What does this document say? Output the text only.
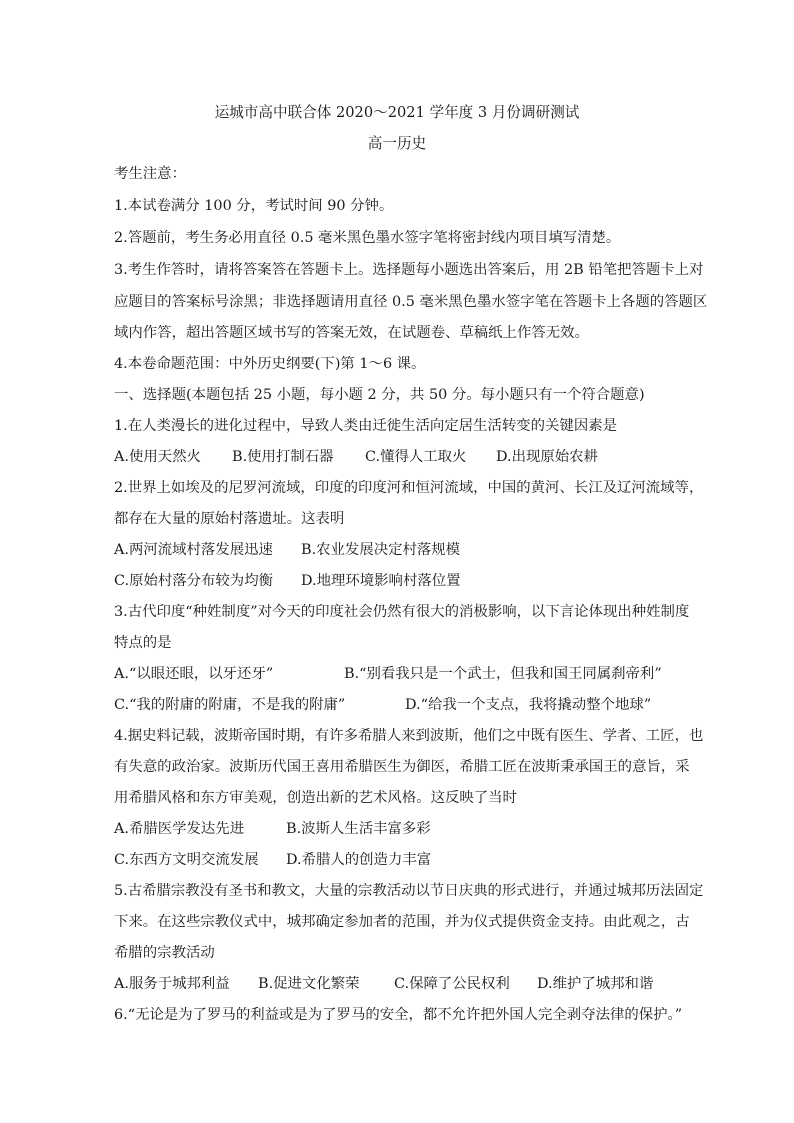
运城市高中联合体 2020～2021 学年度 3 月份调研测试
高一历史
考生注意：
1.本试卷满分 100 分，考试时间 90 分钟。
2.答题前，考生务必用直径 0.5 毫米黑色墨水签字笔将密封线内项目填写清楚。
3.考生作答时，请将答案答在答题卡上。选择题每小题选出答案后，用 2B 铅笔把答题卡上对
应题目的答案标号涂黑；非选择题请用直径 0.5 毫米黑色墨水签字笔在答题卡上各题的答题区
域内作答，超出答题区域书写的答案无效，在试题卷、草稿纸上作答无效。
4.本卷命题范围：中外历史纲要(下)第 1～6 课。
一、选择题(本题包括 25 小题，每小题 2 分，共 50 分。每小题只有一个符合题意)
1.在人类漫长的进化过程中，导致人类由迁徙生活向定居生活转变的关键因素是
A.使用天然火 B.使用打制石器 C.懂得人工取火 D.出现原始农耕
2.世界上如埃及的尼罗河流域，印度的印度河和恒河流域，中国的黄河、长江及辽河流域等，
都存在大量的原始村落遗址。这表明
A.两河流域村落发展迅速 B.农业发展决定村落规模
C.原始村落分布较为均衡 D.地理环境影响村落位置
3.古代印度“种姓制度”对今天的印度社会仍然有很大的消极影响，以下言论体现出种姓制度
特点的是
A.“以眼还眼，以牙还牙”	B.“别看我只是一个武士，但我和国王同属刹帝利”
C.“我的附庸的附庸，不是我的附庸”	D.“给我一个支点，我将撬动整个地球”
4.据史料记载，波斯帝国时期，有许多希腊人来到波斯，他们之中既有医生、学者、工匠，也
有失意的政治家。波斯历代国王喜用希腊医生为御医，希腊工匠在波斯秉承国王的意旨，采
用希腊风格和东方审美观，创造出新的艺术风格。这反映了当时
A.希腊医学发达先进	B.波斯人生活丰富多彩
C.东西方文明交流发展 D.希腊人的创造力丰富
5.古希腊宗教没有圣书和教文，大量的宗教活动以节日庆典的形式进行，并通过城邦历法固定
下来。在这些宗教仪式中，城邦确定参加者的范围，并为仪式提供资金支持。由此观之，古
希腊的宗教活动
A.服务于城邦利益 B.促进文化繁荣 C.保障了公民权利 D.维护了城邦和谐
6.“无论是为了罗马的利益或是为了罗马的安全，都不允许把外国人完全剥夺法律的保护。”
